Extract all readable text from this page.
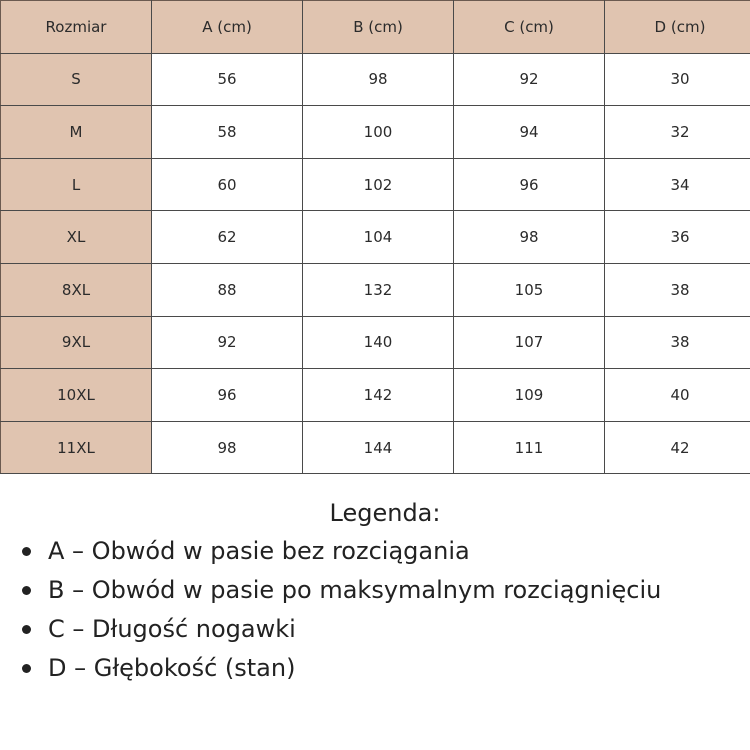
Rozmiar	A (cm)	B (cm)	C (cm)	D (cm)
S	56	98	92	30
M	58	100	94	32
L	60	102	96	34
XL	62	104	98	36
8XL	88	132	105	38
9XL	92	140	107	38
10XL	96	142	109	40
11XL	98	144	111	42
Legenda:
A – Obwód w pasie bez rozciągania
B – Obwód w pasie po maksymalnym rozciągnięciu
C – Długość nogawki
D – Głębokość (stan)
